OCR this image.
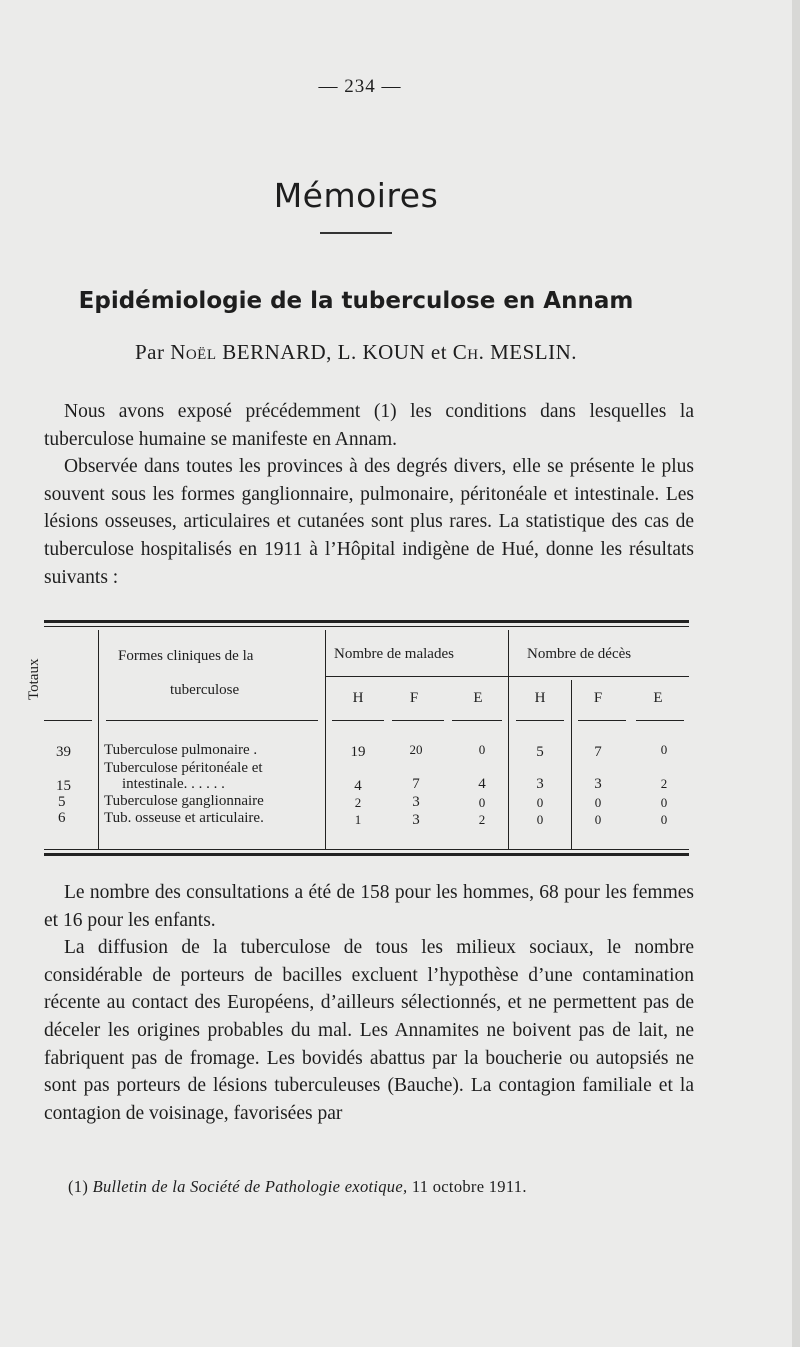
— 234 —
Mémoires
Epidémiologie de la tuberculose en Annam
Par Noël BERNARD, L. KOUN et Ch. MESLIN.

Nous avons exposé précédemment (1) les conditions dans lesquelles la tuberculose humaine se manifeste en Annam.

Observée dans toutes les provinces à des degrés divers, elle se présente le plus souvent sous les formes ganglionnaire, pulmonaire, péritonéale et intestinale. Les lésions osseuses, articulaires et cutanées sont plus rares. La statistique des cas de tuberculose hospitalisés en 1911 à l’Hôpital indigène de Hué, donne les résultats suivants :

Totaux
Formes cliniques de la
tuberculose
Nombre de malades	Nombre de décès
H	F	E	H	F	E
39 Tuberculose pulmonaire .	19	20	0	5	7	0
Tuberculose péritonéale et
15	intestinale. . . . . .	4	7	4	3	3	2
5	Tuberculose ganglionnaire	2	3	0	0	0	0
6	Tub. osseuse et articulaire.	1	3	2	0	0	0

Le nombre des consultations a été de 158 pour les hommes, 68 pour les femmes et 16 pour les enfants.

La diffusion de la tuberculose de tous les milieux sociaux, le nombre considérable de porteurs de bacilles excluent l’hypothèse d’une contamination récente au contact des Européens, d’ailleurs sélectionnés, et ne permettent pas de déceler les origines probables du mal. Les Annamites ne boivent pas de lait, ne fabriquent pas de fromage. Les bovidés abattus par la boucherie ou autopsiés ne sont pas porteurs de lésions tuberculeuses (Bauche). La contagion familiale et la contagion de voisinage, favorisées par

(1) Bulletin de la Société de Pathologie exotique, 11 octobre 1911.
